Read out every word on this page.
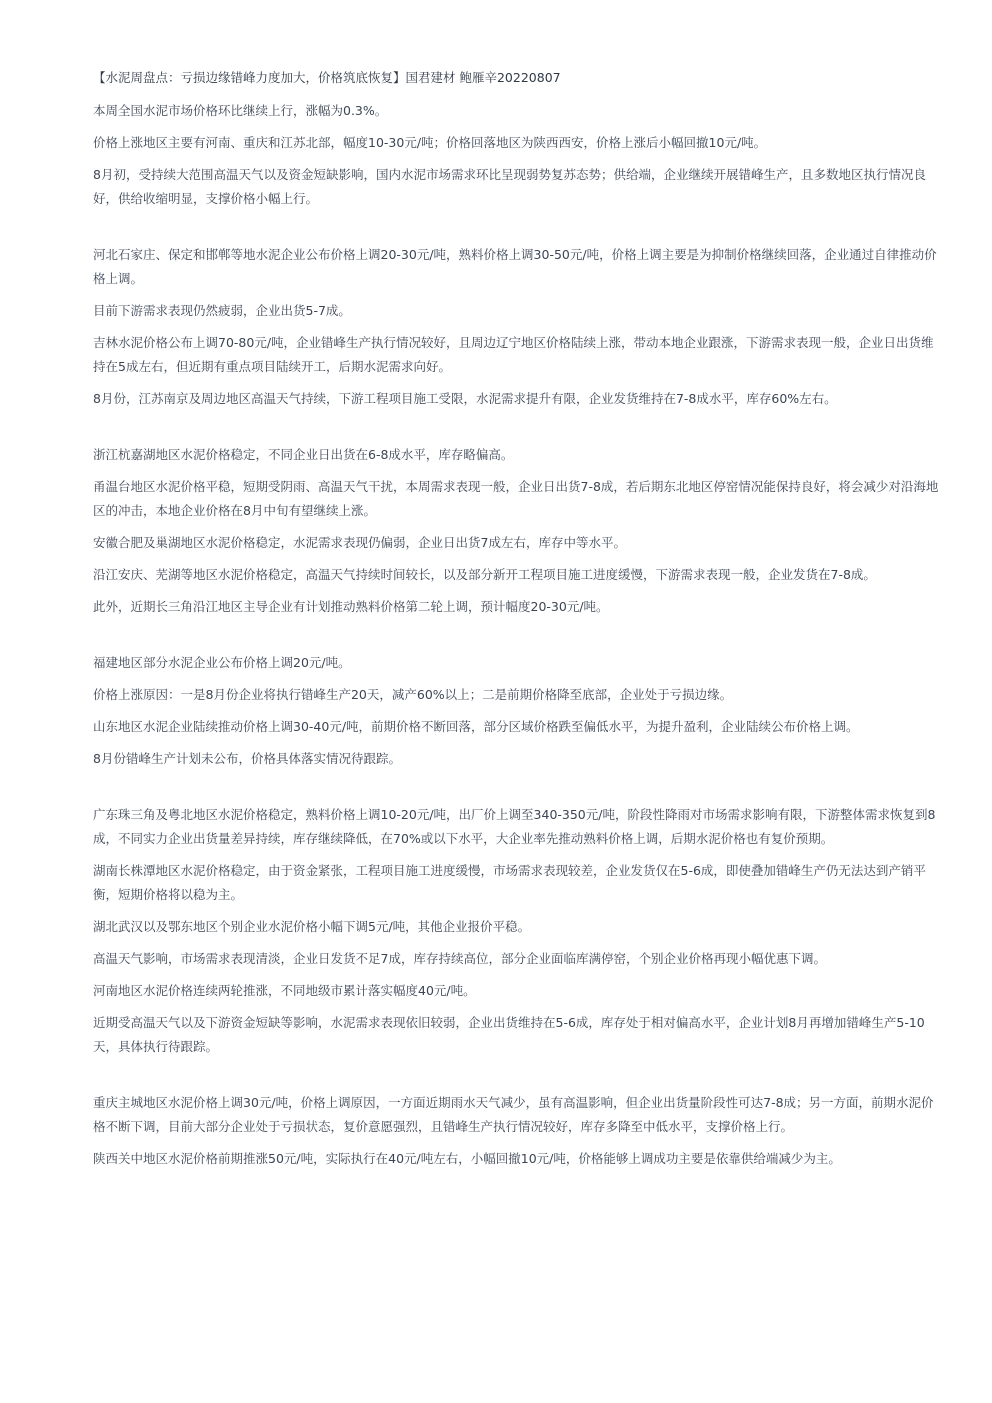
【水泥周盘点：亏损边缘错峰力度加大，价格筑底恢复】国君建材 鲍雁辛20220807

本周全国水泥市场价格环比继续上行，涨幅为0.3%。

价格上涨地区主要有河南、重庆和江苏北部，幅度10-30元/吨；价格回落地区为陕西西安，价格上涨后小幅回撤10元/吨。

8月初，受持续大范围高温天气以及资金短缺影响，国内水泥市场需求环比呈现弱势复苏态势；供给端，企业继续开展错峰生产，且多数地区执行情况良好，供给收缩明显，支撑价格小幅上行。

河北石家庄、保定和邯郸等地水泥企业公布价格上调20-30元/吨，熟料价格上调30-50元/吨，价格上调主要是为抑制价格继续回落，企业通过自律推动价格上调。

目前下游需求表现仍然疲弱，企业出货5-7成。

吉林水泥价格公布上调70-80元/吨，企业错峰生产执行情况较好，且周边辽宁地区价格陆续上涨，带动本地企业跟涨，下游需求表现一般，企业日出货维持在5成左右，但近期有重点项目陆续开工，后期水泥需求向好。

8月份，江苏南京及周边地区高温天气持续，下游工程项目施工受限，水泥需求提升有限，企业发货维持在7-8成水平，库存60%左右。

浙江杭嘉湖地区水泥价格稳定，不同企业日出货在6-8成水平，库存略偏高。

甬温台地区水泥价格平稳，短期受阴雨、高温天气干扰，本周需求表现一般，企业日出货7-8成，若后期东北地区停窑情况能保持良好，将会减少对沿海地区的冲击，本地企业价格在8月中旬有望继续上涨。

安徽合肥及巢湖地区水泥价格稳定，水泥需求表现仍偏弱，企业日出货7成左右，库存中等水平。

沿江安庆、芜湖等地区水泥价格稳定，高温天气持续时间较长，以及部分新开工程项目施工进度缓慢，下游需求表现一般，企业发货在7-8成。

此外，近期长三角沿江地区主导企业有计划推动熟料价格第二轮上调，预计幅度20-30元/吨。

福建地区部分水泥企业公布价格上调20元/吨。

价格上涨原因：一是8月份企业将执行错峰生产20天，减产60%以上；二是前期价格降至底部，企业处于亏损边缘。

山东地区水泥企业陆续推动价格上调30-40元/吨，前期价格不断回落，部分区域价格跌至偏低水平，为提升盈利，企业陆续公布价格上调。

8月份错峰生产计划未公布，价格具体落实情况待跟踪。

广东珠三角及粤北地区水泥价格稳定，熟料价格上调10-20元/吨，出厂价上调至340-350元/吨，阶段性降雨对市场需求影响有限，下游整体需求恢复到8成，不同实力企业出货量差异持续，库存继续降低，在70%或以下水平，大企业率先推动熟料价格上调，后期水泥价格也有复价预期。

湖南长株潭地区水泥价格稳定，由于资金紧张，工程项目施工进度缓慢，市场需求表现较差，企业发货仅在5-6成，即使叠加错峰生产仍无法达到产销平衡，短期价格将以稳为主。

湖北武汉以及鄂东地区个别企业水泥价格小幅下调5元/吨，其他企业报价平稳。

高温天气影响，市场需求表现清淡，企业日发货不足7成，库存持续高位，部分企业面临库满停窑，个别企业价格再现小幅优惠下调。

河南地区水泥价格连续两轮推涨，不同地级市累计落实幅度40元/吨。

近期受高温天气以及下游资金短缺等影响，水泥需求表现依旧较弱，企业出货维持在5-6成，库存处于相对偏高水平，企业计划8月再增加错峰生产5-10天，具体执行待跟踪。

重庆主城地区水泥价格上调30元/吨，价格上调原因，一方面近期雨水天气减少，虽有高温影响，但企业出货量阶段性可达7-8成；另一方面，前期水泥价格不断下调，目前大部分企业处于亏损状态，复价意愿强烈，且错峰生产执行情况较好，库存多降至中低水平，支撑价格上行。

陕西关中地区水泥价格前期推涨50元/吨，实际执行在40元/吨左右，小幅回撤10元/吨，价格能够上调成功主要是依靠供给端减少为主。
